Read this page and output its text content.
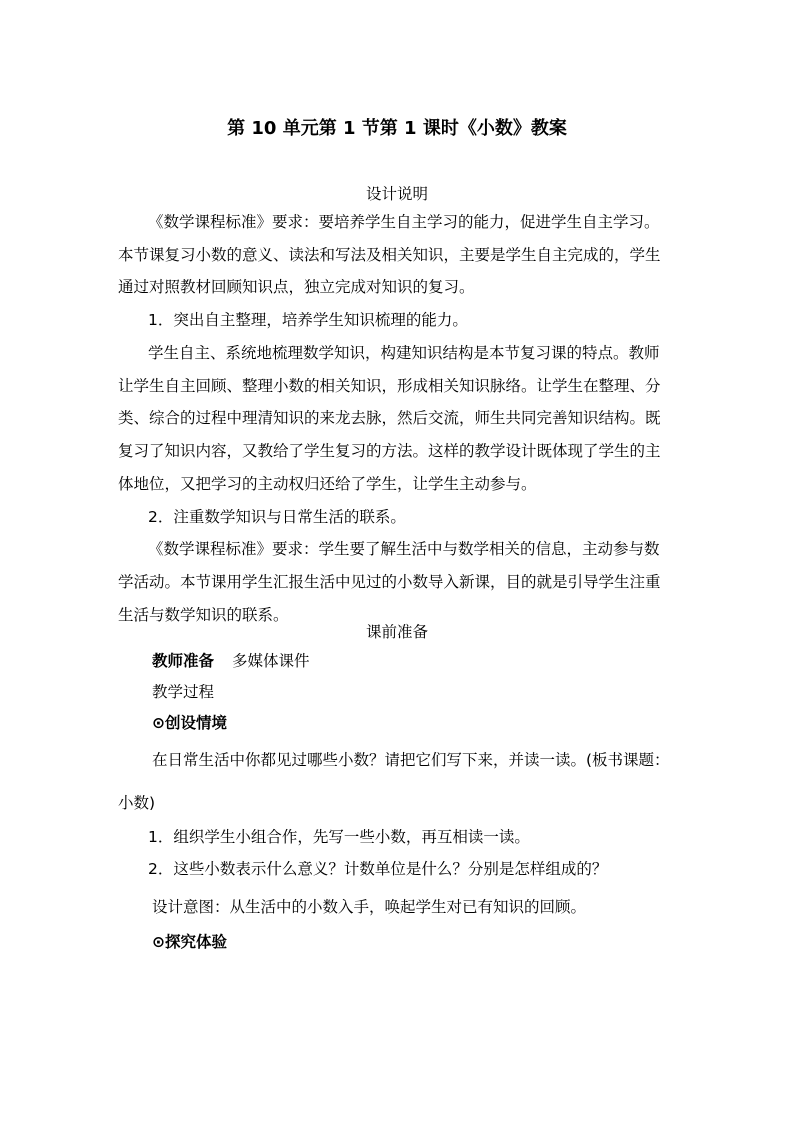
第 10 单元第 1 节第 1 课时《小数》教案
设计说明
《数学课程标准》要求：要培养学生自主学习的能力，促进学生自主学习。
本节课复习小数的意义、读法和写法及相关知识，主要是学生自主完成的，学生
通过对照教材回顾知识点，独立完成对知识的复习。
1．突出自主整理，培养学生知识梳理的能力。
学生自主、系统地梳理数学知识，构建知识结构是本节复习课的特点。教师
让学生自主回顾、整理小数的相关知识，形成相关知识脉络。让学生在整理、分
类、综合的过程中理清知识的来龙去脉，然后交流，师生共同完善知识结构。既
复习了知识内容，又教给了学生复习的方法。这样的教学设计既体现了学生的主
体地位，又把学习的主动权归还给了学生，让学生主动参与。
2．注重数学知识与日常生活的联系。
《数学课程标准》要求：学生要了解生活中与数学相关的信息，主动参与数
学活动。本节课用学生汇报生活中见过的小数导入新课，目的就是引导学生注重
生活与数学知识的联系。
课前准备
教师准备 多媒体课件
教学过程
⊙创设情境
在日常生活中你都见过哪些小数？请把它们写下来，并读一读。(板书课题：
小数)
1．组织学生小组合作，先写一些小数，再互相读一读。
2．这些小数表示什么意义？计数单位是什么？分别是怎样组成的？
设计意图：从生活中的小数入手，唤起学生对已有知识的回顾。
⊙探究体验
